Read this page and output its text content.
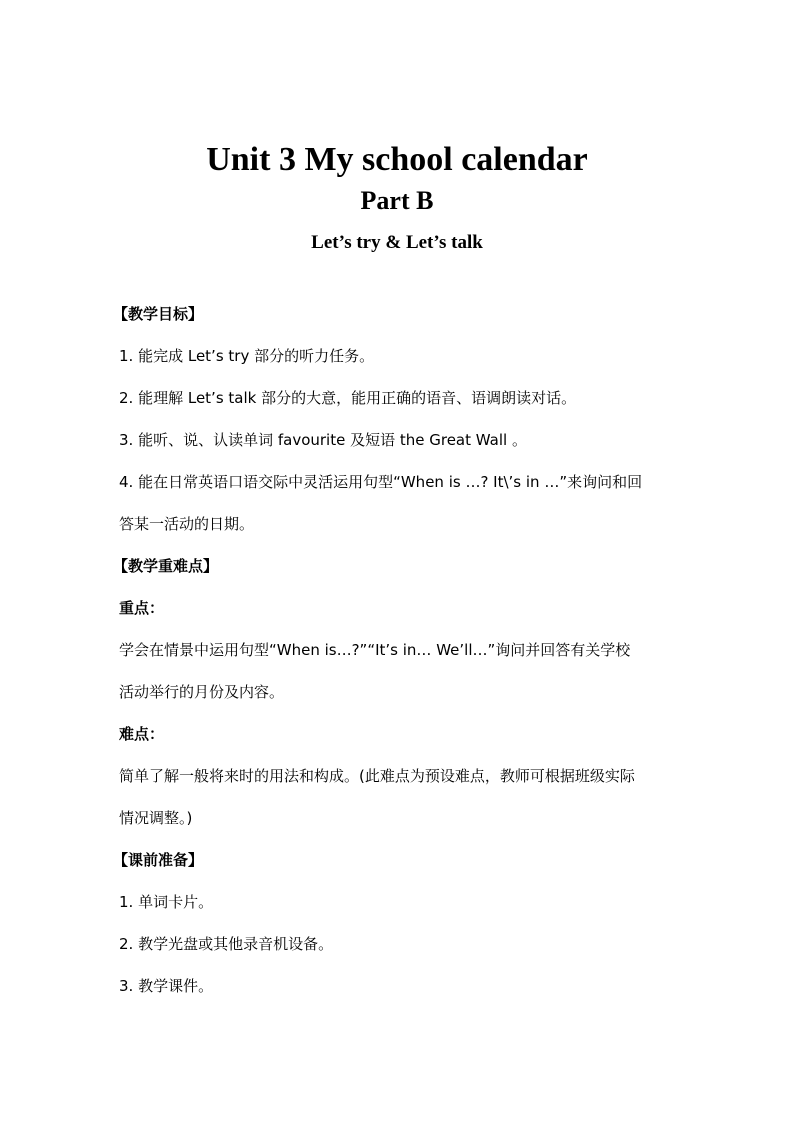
Unit 3 My school calendar
Part B
Let’s try & Let’s talk
【教学目标】
1. 能完成 Let’s try 部分的听力任务。
2. 能理解 Let’s talk 部分的大意，能用正确的语音、语调朗读对话。
3. 能听、说、认读单词 favourite 及短语 the Great Wall 。
4. 能在日常英语口语交际中灵活运用句型“When is …? It\’s in …”来询问和回
答某一活动的日期。
【教学重难点】
重点：
学会在情景中运用句型“When is…?”“It’s in… We’ll…”询问并回答有关学校
活动举行的月份及内容。
难点：
简单了解一般将来时的用法和构成。(此难点为预设难点，教师可根据班级实际
情况调整。)
【课前准备】
1. 单词卡片。
2. 教学光盘或其他录音机设备。
3. 教学课件。
